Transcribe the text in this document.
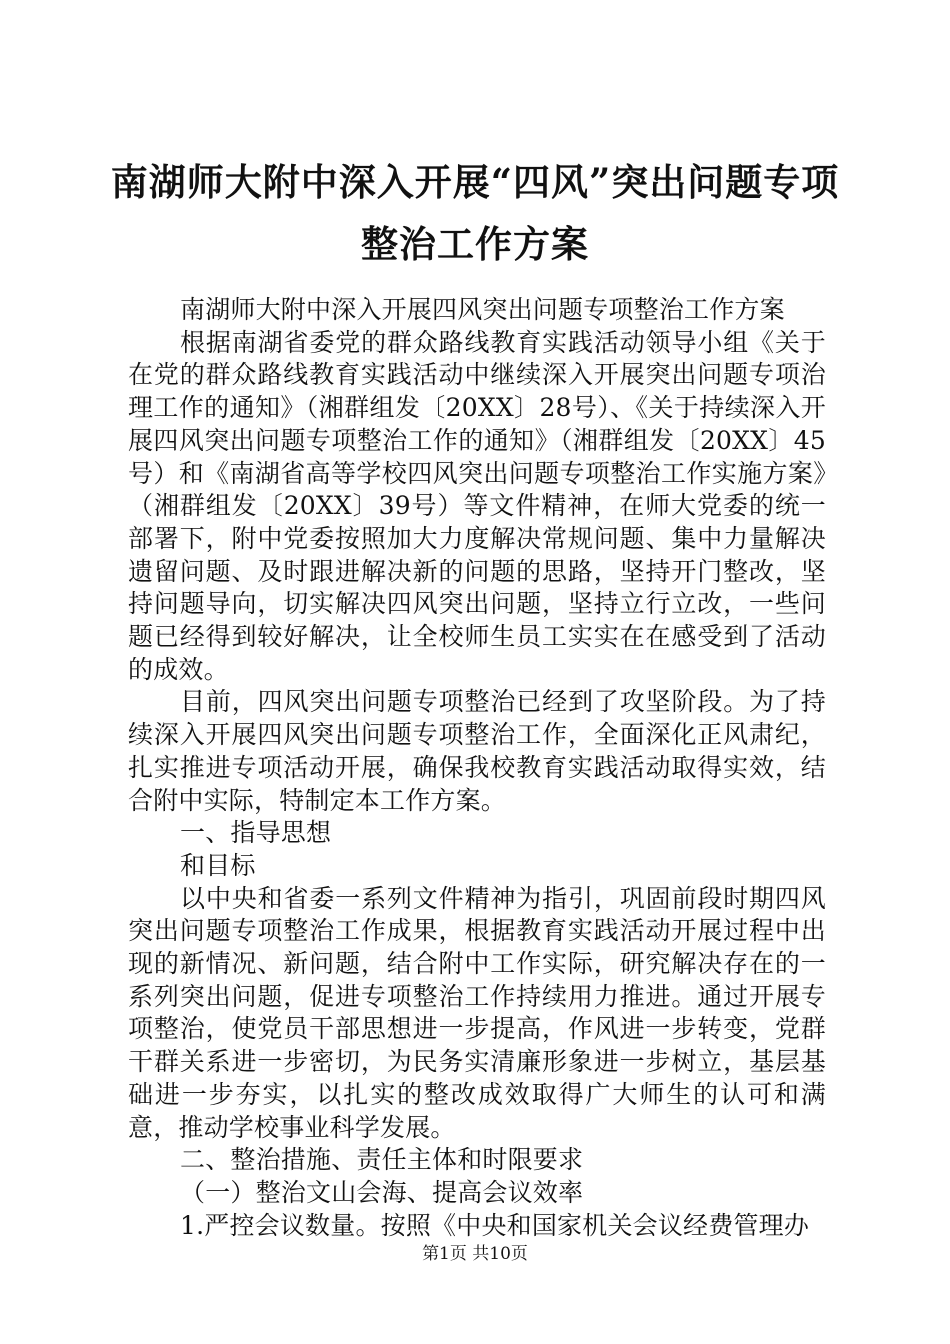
南湖师大附中深入开展“四风”突出问题专项
整治工作方案

南湖师大附中深入开展四风突出问题专项整治工作方案

根据南湖省委党的群众路线教育实践活动领导小组《关于在党的群众路线教育实践活动中继续深入开展突出问题专项治理工作的通知》（湘群组发〔20XX〕28号）、《关于持续深入开展四风突出问题专项整治工作的通知》（湘群组发〔20XX〕45号）和《南湖省高等学校四风突出问题专项整治工作实施方案》（湘群组发〔20XX〕39号）等文件精神，在师大党委的统一部署下，附中党委按照加大力度解决常规问题、集中力量解决遗留问题、及时跟进解决新的问题的思路，坚持开门整改，坚持问题导向，切实解决四风突出问题，坚持立行立改，一些问题已经得到较好解决，让全校师生员工实实在在感受到了活动的成效。

目前，四风突出问题专项整治已经到了攻坚阶段。为了持续深入开展四风突出问题专项整治工作，全面深化正风肃纪，扎实推进专项活动开展，确保我校教育实践活动取得实效，结合附中实际，特制定本工作方案。

一、指导思想

和目标

以中央和省委一系列文件精神为指引，巩固前段时期四风突出问题专项整治工作成果，根据教育实践活动开展过程中出现的新情况、新问题，结合附中工作实际，研究解决存在的一系列突出问题，促进专项整治工作持续用力推进。通过开展专项整治，使党员干部思想进一步提高，作风进一步转变，党群干群关系进一步密切，为民务实清廉形象进一步树立，基层基础进一步夯实，以扎实的整改成效取得广大师生的认可和满意，推动学校事业科学发展。

二、整治措施、责任主体和时限要求

（一）整治文山会海、提高会议效率

1.严控会议数量。按照《中央和国家机关会议经费管理办

第1页 共10页
